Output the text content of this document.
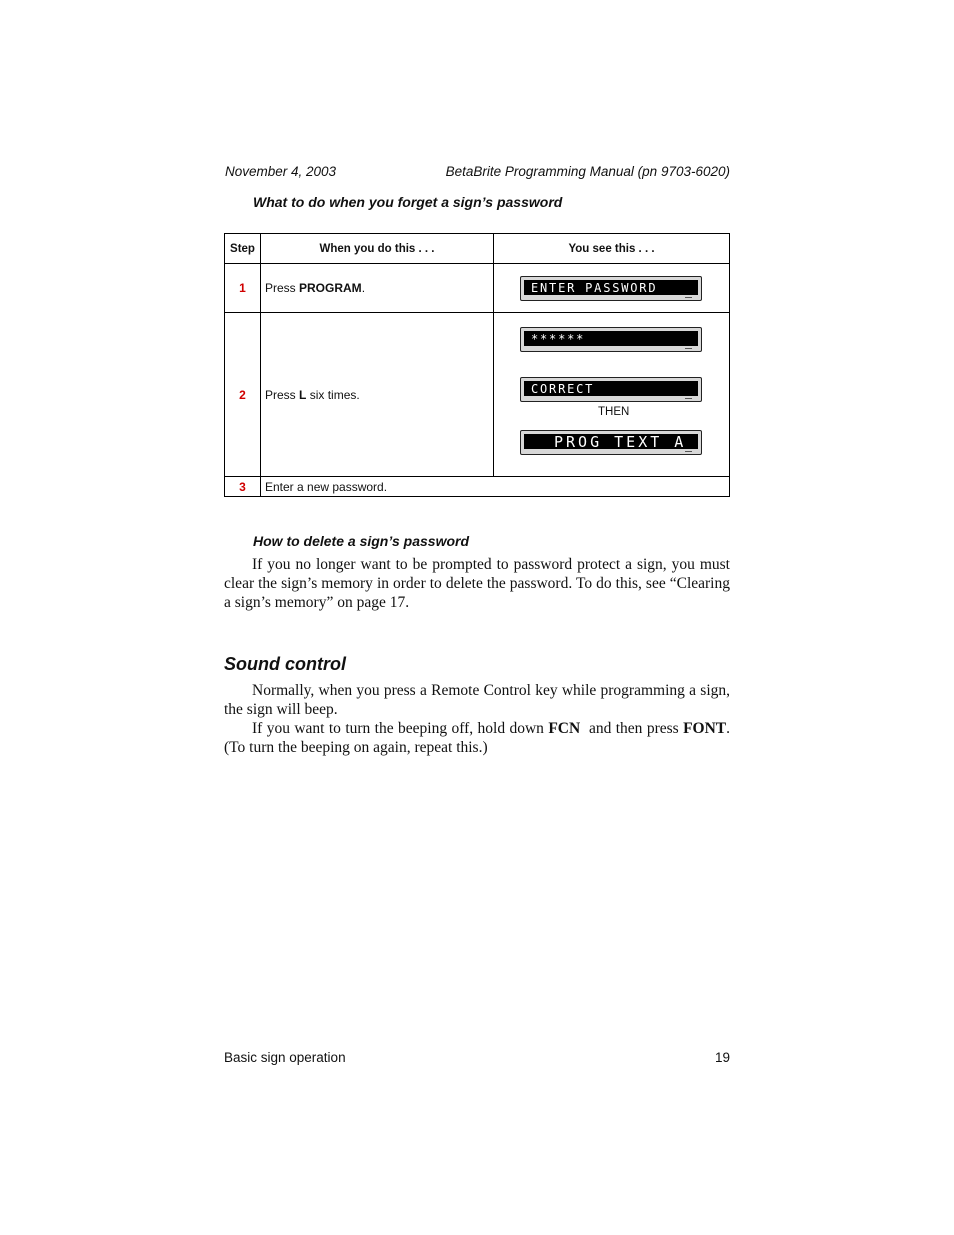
November 4, 2003	BetaBrite Programming Manual (pn 9703-6020)
What to do when you forget a sign’s password
Step	When you do this . . .	You see this . . .
1	Press PROGRAM.	ENTER PASSWORD

2	Press L six times.	******
CORRECT
THEN
PROG TEXT A

3	Enter a new password.	
How to delete a sign’s password

If you no longer want to be prompted to password protect a sign, you must clear the sign’s memory in order to delete the password. To do this, see “Clearing a sign’s memory” on page 17.

Sound control

Normally, when you press a Remote Control key while programming a sign, the sign will beep.

If you want to turn the beeping off, hold down FCN  and then press FONT. (To turn the beeping on again, repeat this.)

Basic sign operation	19
